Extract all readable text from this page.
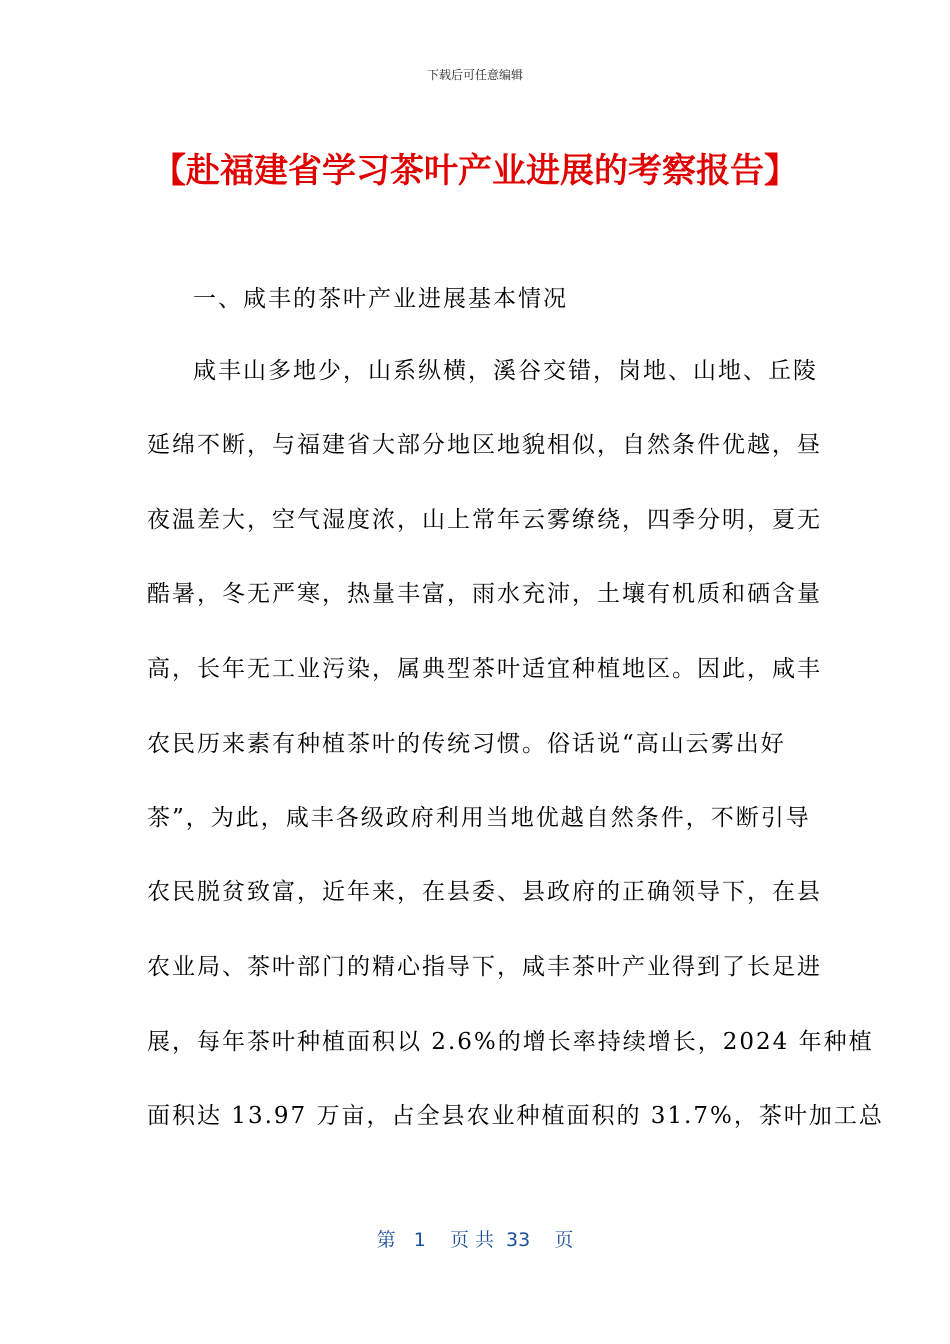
下载后可任意编辑
【赴福建省学习茶叶产业进展的考察报告】
一、咸丰的茶叶产业进展基本情况
咸丰山多地少，山系纵横，溪谷交错，岗地、山地、丘陵
延绵不断，与福建省大部分地区地貌相似，自然条件优越，昼
夜温差大，空气湿度浓，山上常年云雾缭绕，四季分明，夏无
酷暑，冬无严寒，热量丰富，雨水充沛，土壤有机质和硒含量
高，长年无工业污染，属典型茶叶适宜种植地区。因此，咸丰
农民历来素有种植茶叶的传统习惯。俗话说“高山云雾出好
茶”，为此，咸丰各级政府利用当地优越自然条件，不断引导
农民脱贫致富，近年来，在县委、县政府的正确领导下，在县
农业局、茶叶部门的精心指导下，咸丰茶叶产业得到了长足进
展，每年茶叶种植面积以 2.6%的增长率持续增长，2024 年种植
面积达 13.97 万亩，占全县农业种植面积的 31.7%，茶叶加工总
第   1    页 共  33    页
